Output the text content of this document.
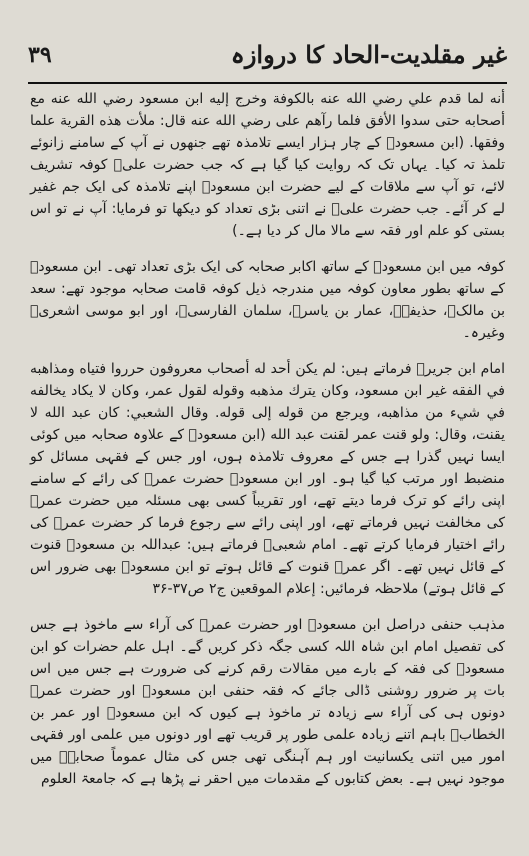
غیر مقلدیت-الحاد کا دروازہ
۳۹

أنه لما قدم علي رضي الله عنه بالكوفة وخرج إليه ابن مسعود رضي الله عنه مع أصحابه حتى سدوا الأفق فلما رآهم على رضي الله عنه قال: ملأت هذه القرية علما وفقها. (ابن مسعودؓ کے چار ہزار ایسے تلامذہ تھے جنھوں نے آپ کے سامنے زانوئے تلمذ تہ کیا۔ یہاں تک کہ روایت کیا گیا ہے کہ جب حضرت علیؓ کوفہ تشریف لائے، تو آپ سے ملاقات کے لیے حضرت ابن مسعودؓ اپنے تلامذہ کی ایک جم غفیر لے کر آئے۔ جب حضرت علیؓ نے اتنی بڑی تعداد کو دیکھا تو فرمایا: آپ نے تو اس بستی کو علم اور فقہ سے مالا مال کر دیا ہے۔)

کوفہ میں ابن مسعودؓ کے ساتھ اکابر صحابہ کی ایک بڑی تعداد تھی۔ ابن مسعودؓ کے ساتھ بطور معاون کوفہ میں مندرجہ ذیل کوفہ قامت صحابہ موجود تھے: سعد بن مالکؓ، حذیفہؓ، عمار بن یاسرؓ، سلمان الفارسیؓ، اور ابو موسی اشعریؓ وغیرہ۔

امام ابن جریرؒ فرماتے ہیں: لم يكن أحد له أصحاب معروفون حرروا فتياه ومذاهبه في الفقه غير ابن مسعود، وكان يترك مذهبه وقوله لقول عمر، وكان لا يكاد يخالفه في شيء من مذاهبه، ويرجع من قوله إلى قوله. وقال الشعبي: كان عبد الله لا يقنت، وقال: ولو قنت عمر لقنت عبد الله (ابن مسعودؓ کے علاوہ صحابہ میں کوئی ایسا نہیں گذرا ہے جس کے معروف تلامذہ ہوں، اور جس کے فقہی مسائل کو منضبط اور مرتب کیا گیا ہو۔ اور ابن مسعودؓ حضرت عمرؓ کی رائے کے سامنے اپنی رائے کو ترک فرما دیتے تھے، اور تقریباً کسی بھی مسئلہ میں حضرت عمرؓ کی مخالفت نہیں فرماتے تھے، اور اپنی رائے سے رجوع فرما کر حضرت عمرؓ کی رائے اختیار فرمایا کرتے تھے۔ امام شعبیؒ فرماتے ہیں: عبداللہ بن مسعودؓ قنوت کے قائل نہیں تھے۔ اگر عمرؓ قنوت کے قائل ہوتے تو ابن مسعودؓ بھی ضرور اس کے قائل ہوتے) ملاحظہ فرمائیں: إعلام الموقعين ج۲ ص۳۷-۳۶

مذہب حنفی دراصل ابن مسعودؓ اور حضرت عمرؓ کی آراء سے ماخوذ ہے جس کی تفصیل امام ابن شاہ اللہ کسی جگہ ذکر کریں گے۔ اہل علم حضرات کو ابن مسعودؓ کی فقہ کے بارے میں مقالات رقم کرنے کی ضرورت ہے جس میں اس بات پر ضرور روشنی ڈالی جائے کہ فقہ حنفی ابن مسعودؓ اور حضرت عمرؓ دونوں ہی کی آراء سے زیادہ تر ماخوذ ہے کیوں کہ ابن مسعودؓ اور عمر بن الخطابؓ باہم اتنے زیادہ علمی طور پر قریب تھے اور دونوں میں علمی اور فقہی امور میں اتنی یکسانیت اور ہم آہنگی تھی جس کی مثال عموماً صحابہؓ میں موجود نہیں ہے۔ بعض کتابوں کے مقدمات میں احقر نے پڑھا ہے کہ جامعۃ العلوم
